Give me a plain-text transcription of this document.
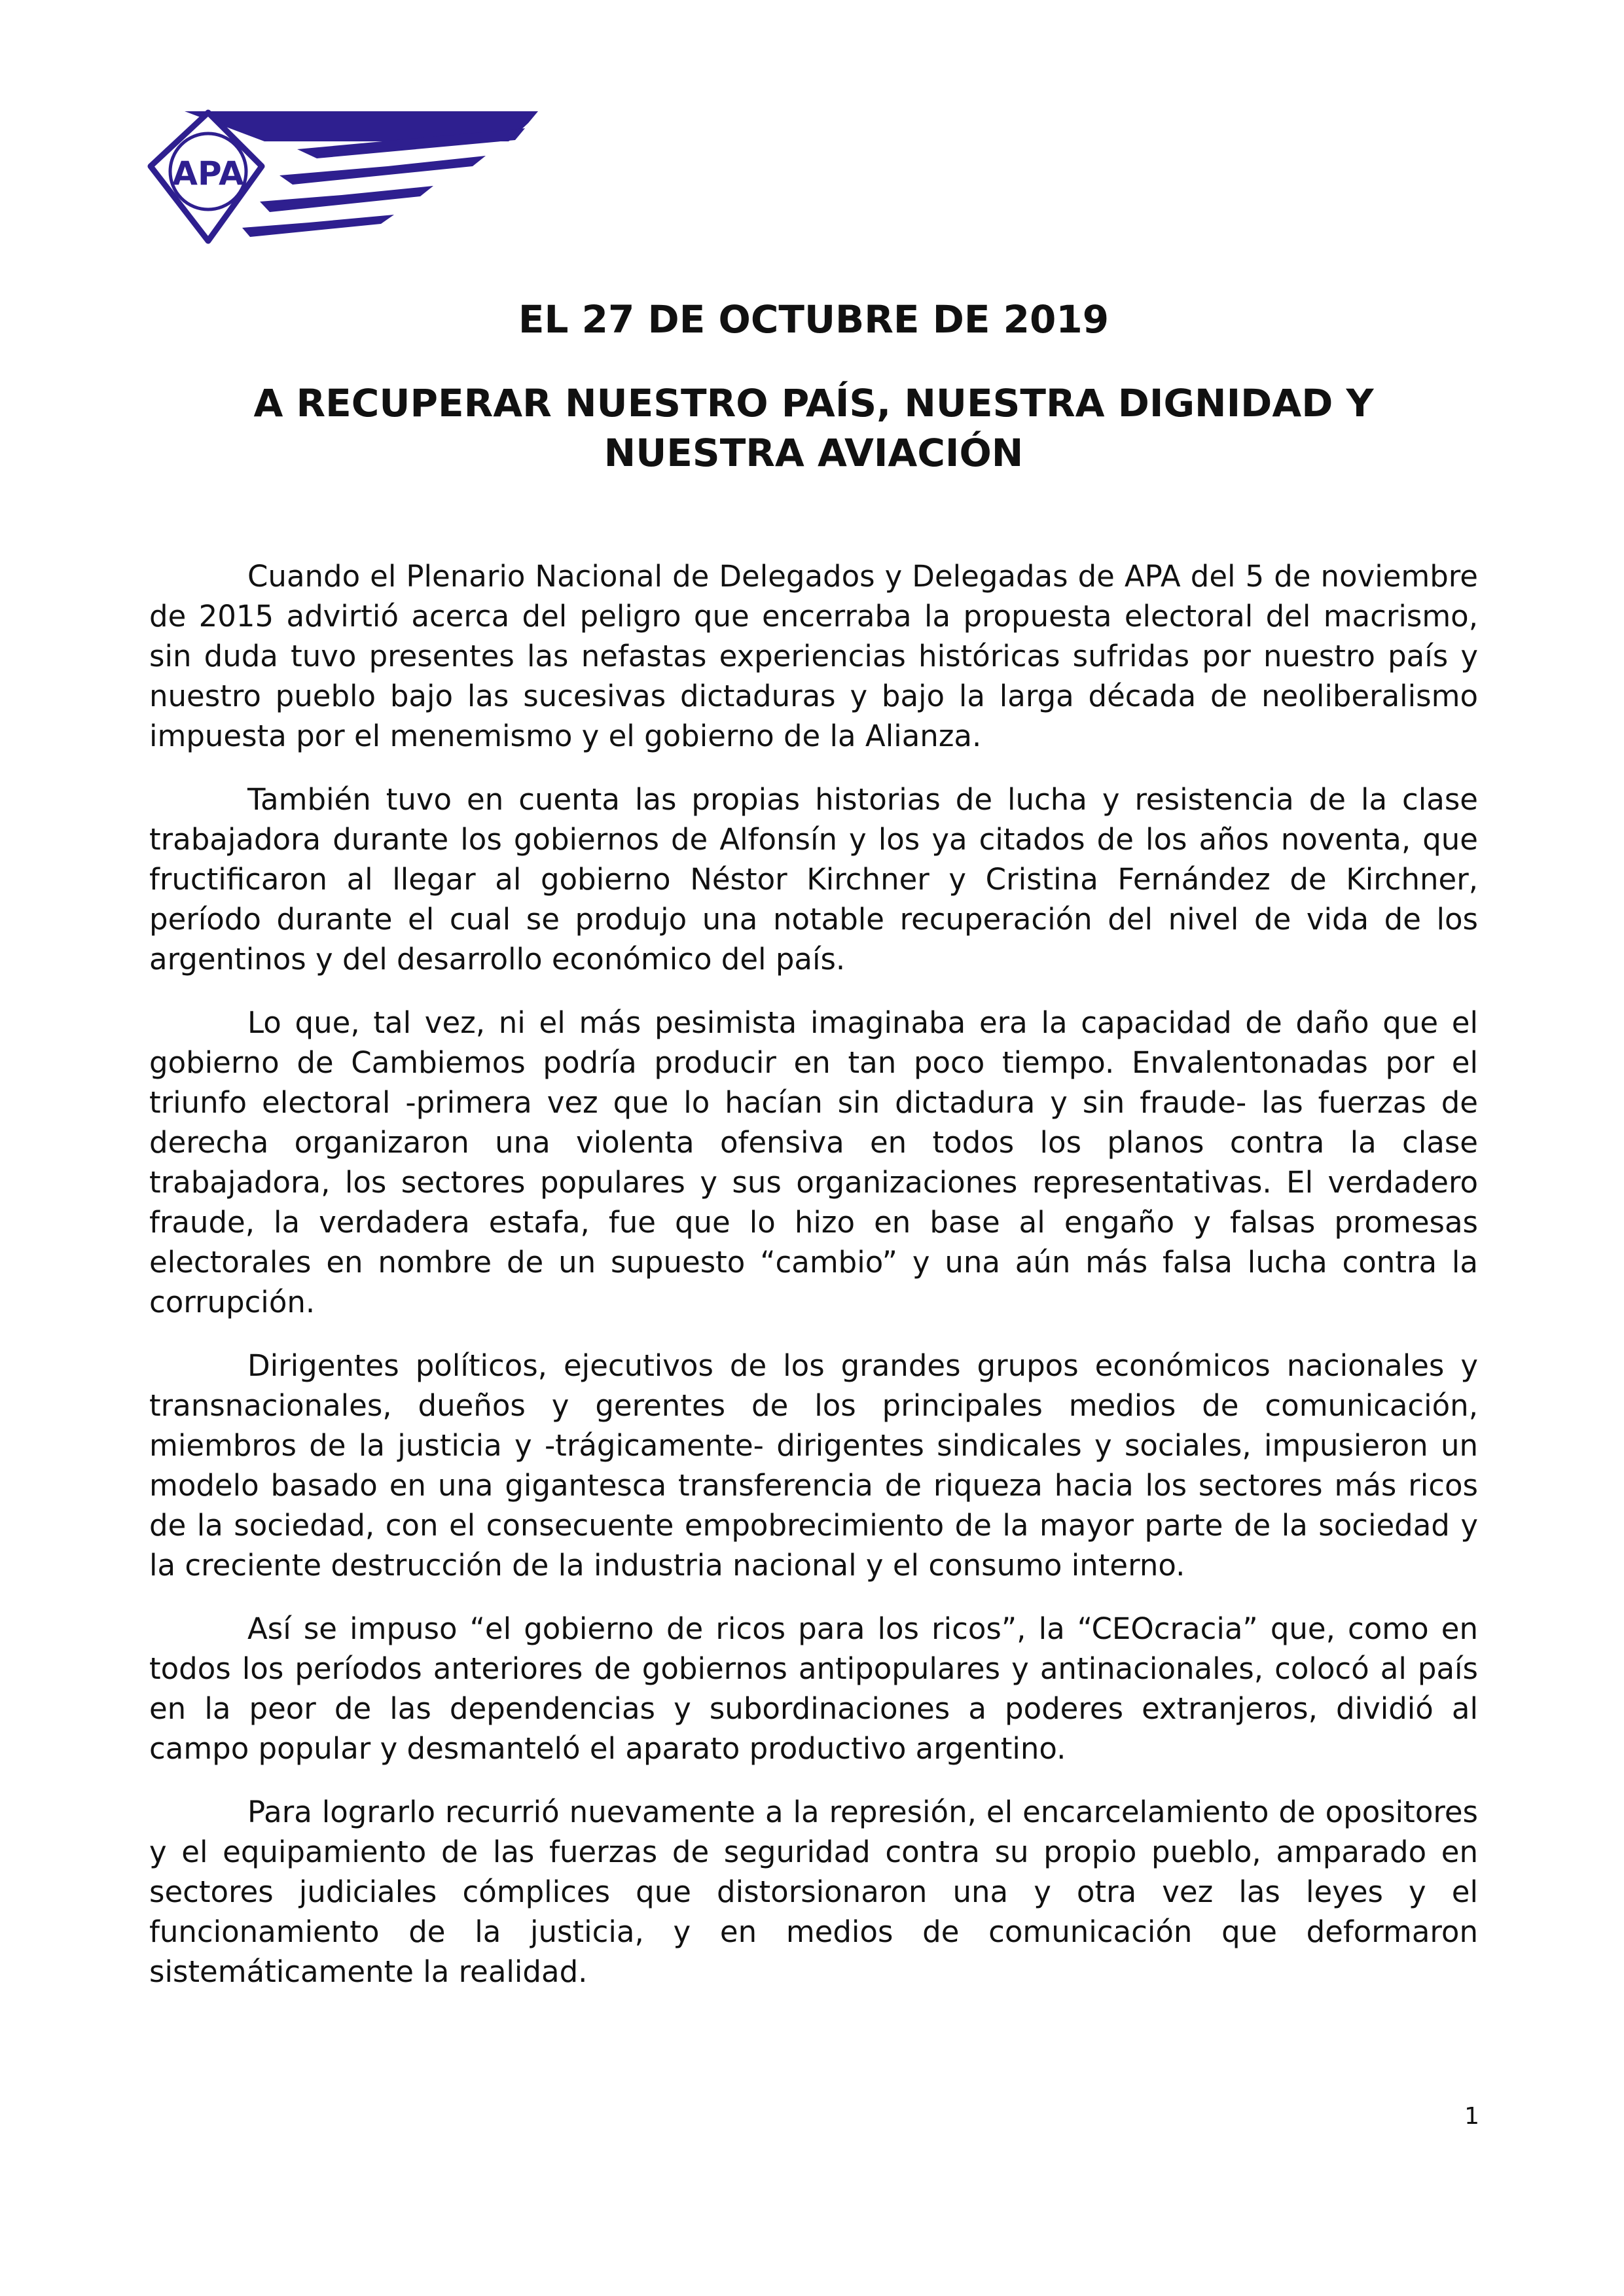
APA

EL 27 DE OCTUBRE DE 2019

A RECUPERAR NUESTRO PAÍS, NUESTRA DIGNIDAD Y

NUESTRA AVIACIÓN

Cuando el Plenario Nacional de Delegados y Delegadas de APA del 5 de noviembre de 2015 advirtió acerca del peligro que encerraba la propuesta electoral del macrismo, sin duda tuvo presentes las nefastas experiencias históricas sufridas por nuestro país y nuestro pueblo bajo las sucesivas dictaduras y bajo la larga década de neoliberalismo impuesta por el menemismo y el gobierno de la Alianza.

También tuvo en cuenta las propias historias de lucha y resistencia de la clase trabajadora durante los gobiernos de Alfonsín y los ya citados de los años noventa, que fructificaron al llegar al gobierno Néstor Kirchner y Cristina Fernández de Kirchner, período durante el cual se produjo una notable recuperación del nivel de vida de los argentinos y del desarrollo económico del país.

Lo que, tal vez, ni el más pesimista imaginaba era la capacidad de daño que el gobierno de Cambiemos podría producir en tan poco tiempo. Envalentonadas por el triunfo electoral -primera vez que lo hacían sin dictadura y sin fraude- las fuerzas de derecha organizaron una violenta ofensiva en todos los planos contra la clase trabajadora, los sectores populares y sus organizaciones representativas. El verdadero fraude, la verdadera estafa, fue que lo hizo en base al engaño y falsas promesas electorales en nombre de un supuesto “cambio” y una aún más falsa lucha contra la corrupción.

Dirigentes políticos, ejecutivos de los grandes grupos económicos nacionales y transnacionales, dueños y gerentes de los principales medios de comunicación, miembros de la justicia y -trágicamente- dirigentes sindicales y sociales, impusieron un modelo basado en una gigantesca transferencia de riqueza hacia los sectores más ricos de la sociedad, con el consecuente empobrecimiento de la mayor parte de la sociedad y la creciente destrucción de la industria nacional y el consumo interno.

Así se impuso “el gobierno de ricos para los ricos”, la “CEOcracia” que, como en todos los períodos anteriores de gobiernos antipopulares y antinacionales, colocó al país en la peor de las dependencias y subordinaciones a poderes extranjeros, dividió al campo popular y desmanteló el aparato productivo argentino.

Para lograrlo recurrió nuevamente a la represión, el encarcelamiento de opositores y el equipamiento de las fuerzas de seguridad contra su propio pueblo, amparado en sectores judiciales cómplices que distorsionaron una y otra vez las leyes y el funcionamiento de la justicia, y en medios de comunicación que deformaron sistemáticamente la realidad.

1
